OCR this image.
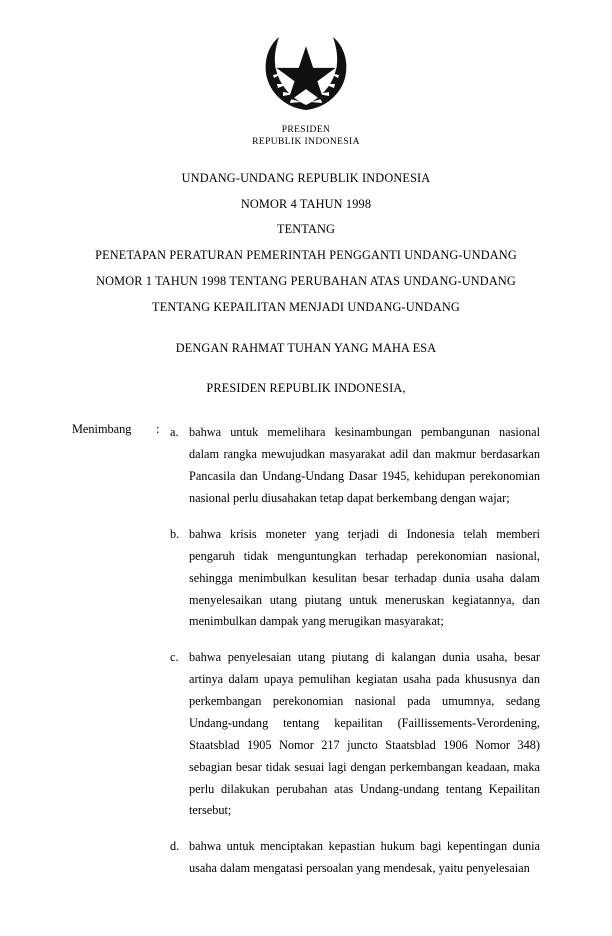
PRESIDEN
REPUBLIK INDONESIA
UNDANG-UNDANG REPUBLIK INDONESIA
NOMOR 4 TAHUN 1998
TENTANG
PENETAPAN PERATURAN PEMERINTAH PENGGANTI UNDANG-UNDANG
NOMOR 1 TAHUN 1998 TENTANG PERUBAHAN ATAS UNDANG-UNDANG
TENTANG KEPAILITAN MENJADI UNDANG-UNDANG
DENGAN RAHMAT TUHAN YANG MAHA ESA
PRESIDEN REPUBLIK INDONESIA,
Menimbang	: a. bahwa untuk memelihara kesinambungan pembangunan nasional dalam rangka mewujudkan masyarakat adil dan makmur berdasarkan Pancasila dan Undang-Undang Dasar 1945, kehidupan perekonomian nasional perlu diusahakan tetap dapat berkembang dengan wajar;
b. bahwa krisis moneter yang terjadi di Indonesia telah memberi pengaruh tidak menguntungkan terhadap perekonomian nasional, sehingga menimbulkan kesulitan besar terhadap dunia usaha dalam menyelesaikan utang piutang untuk meneruskan kegiatannya, dan menimbulkan dampak yang merugikan masyarakat;
c. bahwa penyelesaian utang piutang di kalangan dunia usaha, besar artinya dalam upaya pemulihan kegiatan usaha pada khususnya dan perkembangan perekonomian nasional pada umumnya, sedang Undang-undang tentang kepailitan (Faillissements-Verordening, Staatsblad 1905 Nomor 217 juncto Staatsblad 1906 Nomor 348) sebagian besar tidak sesuai lagi dengan perkembangan keadaan, maka perlu dilakukan perubahan atas Undang-undang tentang Kepailitan tersebut;
d. bahwa untuk menciptakan kepastian hukum bagi kepentingan dunia usaha dalam mengatasi persoalan yang mendesak, yaitu penyelesaian
